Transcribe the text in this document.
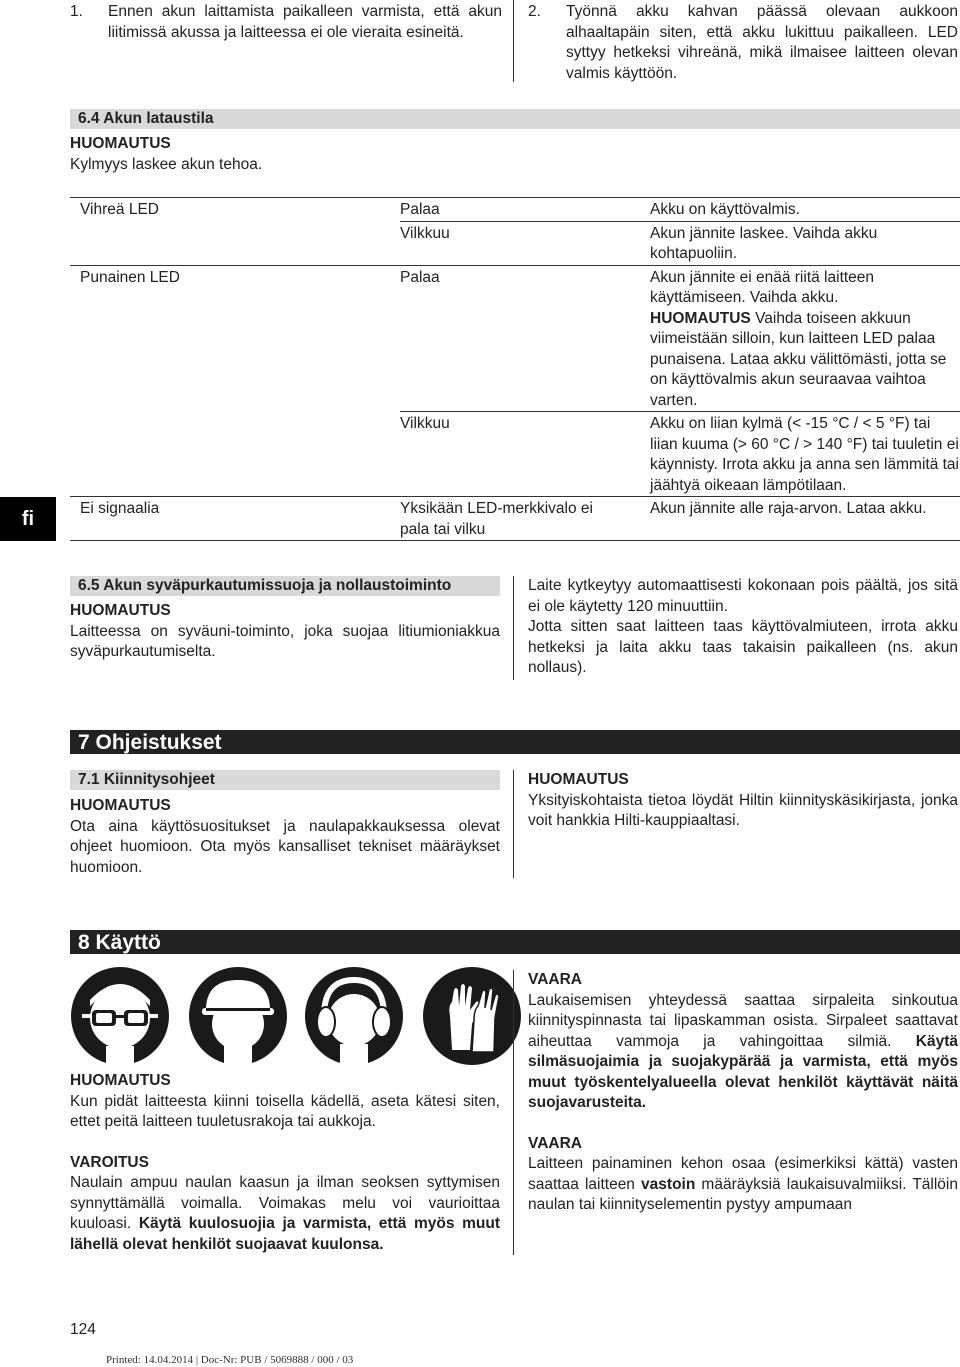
1.	Ennen akun laittamista paikalleen varmista, että akun liitimissä akussa ja laitteessa ei ole vieraita esineitä.
2.	Työnnä akku kahvan päässä olevaan aukkoon alhaaltapäin siten, että akku lukittuu paikalleen. LED syttyy hetkeksi vihreänä, mikä ilmaisee laitteen olevan valmis käyttöön.
6.4 Akun lataustila
HUOMAUTUS
Kylmyys laskee akun tehoa.
Vihreä LED	Palaa	Akku on käyttövalmis.
	Vilkkuu	Akun jännite laskee. Vaihda akku kohtapuoliin.
Punainen LED	Palaa	Akun jännite ei enää riitä laitteen käyttämiseen. Vaihda akku.
HUOMAUTUS Vaihda toiseen akkuun viimeistään silloin, kun laitteen LED palaa punaisena. Lataa akku välittömästi, jotta se on käyttövalmis akun seuraavaa vaihtoa varten.
	Vilkkuu	Akku on liian kylmä (< -15 °C / < 5 °F) tai liian kuuma (> 60 °C / > 140 °F) tai tuuletin ei käynnisty. Irrota akku ja anna sen lämmitä tai jäähtyä oikeaan lämpötilaan.
Ei signaalia	Yksikään LED-merkkivalo ei pala tai vilku	Akun jännite alle raja-arvon. Lataa akku.
fi
6.5 Akun syväpurkautumissuoja ja nollaustoiminto
HUOMAUTUS
Laitteessa on syväuni-toiminto, joka suojaa litiumioniakkua syväpurkautumiselta.
Laite kytkeytyy automaattisesti kokonaan pois päältä, jos sitä ei ole käytetty 120 minuuttiin.
Jotta sitten saat laitteen taas käyttövalmiuteen, irrota akku hetkeksi ja laita akku taas takaisin paikalleen (ns. akun nollaus).
7 Ohjeistukset
7.1 Kiinnitysohjeet
HUOMAUTUS
Ota aina käyttösuositukset ja naulapakkauksessa olevat ohjeet huomioon. Ota myös kansalliset tekniset määräykset huomioon.
HUOMAUTUS
Yksityiskohtaista tietoa löydät Hiltin kiinnityskäsikirjasta, jonka voit hankkia Hilti-kauppiaaltasi.
8 Käyttö
HUOMAUTUS
Kun pidät laitteesta kiinni toisella kädellä, aseta kätesi siten, ettet peitä laitteen tuuletusrakoja tai aukkoja.
VAROITUS
Naulain ampuu naulan kaasun ja ilman seoksen syttymisen synnyttämällä voimalla. Voimakas melu voi vaurioittaa kuuloasi. Käytä kuulosuojia ja varmista, että myös muut lähellä olevat henkilöt suojaavat kuulonsa.
VAARA
Laukaisemisen yhteydessä saattaa sirpaleita sinkoutua kiinnityspinnasta tai lipaskamman osista. Sirpaleet saattavat aiheuttaa vammoja ja vahingoittaa silmiä. Käytä silmäsuojaimia ja suojakypärää ja varmista, että myös muut työskentelyalueella olevat henkilöt käyttävät näitä suojavarusteita.
VAARA
Laitteen painaminen kehon osaa (esimerkiksi kättä) vasten saattaa laitteen vastoin määräyksiä laukaisuvalmiiksi. Tällöin naulan tai kiinnityselementin pystyy ampumaan
124
Printed: 14.04.2014 | Doc-Nr: PUB / 5069888 / 000 / 03
